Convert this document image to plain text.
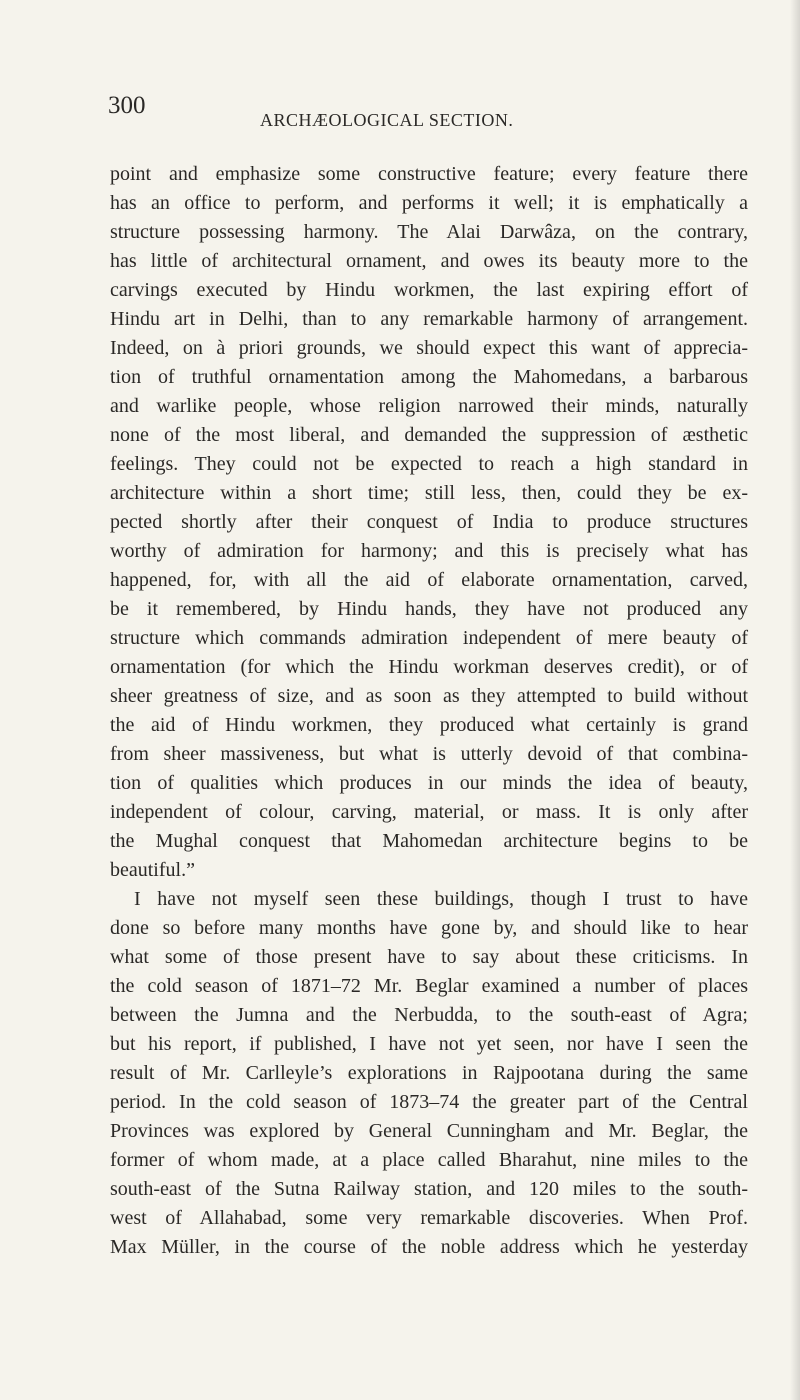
300
ARCHÆOLOGICAL SECTION.
point and emphasize some constructive feature; every feature there
has an office to perform, and performs it well; it is emphatically a
structure possessing harmony. The Alai Darwâza, on the contrary,
has little of architectural ornament, and owes its beauty more to the
carvings executed by Hindu workmen, the last expiring effort of
Hindu art in Delhi, than to any remarkable harmony of arrangement.
Indeed, on à priori grounds, we should expect this want of apprecia-
tion of truthful ornamentation among the Mahomedans, a barbarous
and warlike people, whose religion narrowed their minds, naturally
none of the most liberal, and demanded the suppression of æsthetic
feelings. They could not be expected to reach a high standard in
architecture within a short time; still less, then, could they be ex-
pected shortly after their conquest of India to produce structures
worthy of admiration for harmony; and this is precisely what has
happened, for, with all the aid of elaborate ornamentation, carved,
be it remembered, by Hindu hands, they have not produced any
structure which commands admiration independent of mere beauty of
ornamentation (for which the Hindu workman deserves credit), or of
sheer greatness of size, and as soon as they attempted to build without
the aid of Hindu workmen, they produced what certainly is grand
from sheer massiveness, but what is utterly devoid of that combina-
tion of qualities which produces in our minds the idea of beauty,
independent of colour, carving, material, or mass. It is only after
the Mughal conquest that Mahomedan architecture begins to be
beautiful.”
I have not myself seen these buildings, though I trust to have
done so before many months have gone by, and should like to hear
what some of those present have to say about these criticisms. In
the cold season of 1871–72 Mr. Beglar examined a number of places
between the Jumna and the Nerbudda, to the south-east of Agra;
but his report, if published, I have not yet seen, nor have I seen the
result of Mr. Carlleyle’s explorations in Rajpootana during the same
period. In the cold season of 1873–74 the greater part of the Central
Provinces was explored by General Cunningham and Mr. Beglar, the
former of whom made, at a place called Bharahut, nine miles to the
south-east of the Sutna Railway station, and 120 miles to the south-
west of Allahabad, some very remarkable discoveries. When Prof.
Max Müller, in the course of the noble address which he yesterday
